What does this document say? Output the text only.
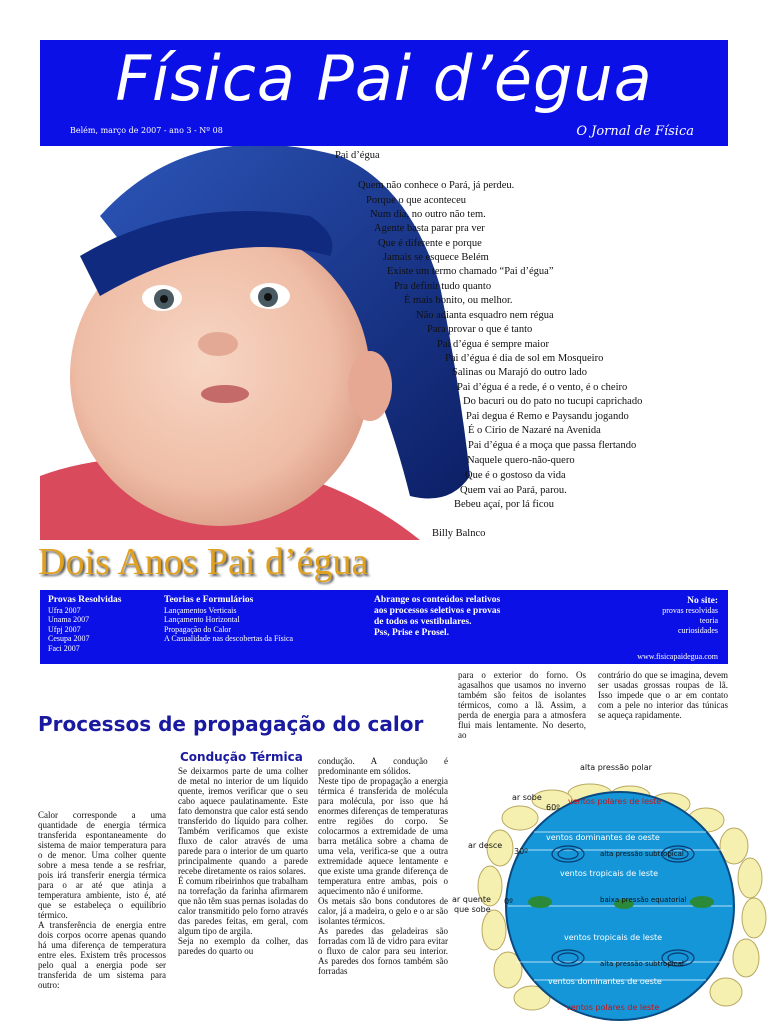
Física Pai d’égua
Belém, março de 2007 - ano 3 - Nº 08	O Jornal de Física
Pai d’égua
Quem não conhece o Pará, já perdeu.
Porque o que aconteceu
Num dia, no outro não tem.
Agente basta parar pra ver
Que é diferente e porque
Jamais se esquece Belém
Existe um termo chamado “Pai d’égua”
Pra definir tudo quanto
É mais bonito, ou melhor.
Não adianta esquadro nem régua
Para provar o que é tanto
Pai d’égua é sempre maior
Pai d’égua é dia de sol em Mosqueiro
Salinas ou Marajó do outro lado
Pai d’égua é a rede, é o vento, é o cheiro
Do bacuri ou do pato no tucupi caprichado
Pai degua é Remo e Paysandu jogando
É o Círio de Nazaré na Avenida
Pai d’égua é a moça que passa flertando
Naquele quero-não-quero
Que é o gostoso da vida
Quem vai ao Pará, parou.
Bebeu açaí, por lá ficou
Billy Balnco
Dois Anos Pai d’égua
Provas Resolvidas
Ufra 2007
Unama 2007
Ufpj 2007
Cesupa 2007
Faci 2007
Teorias e Formulários
Lançamentos Verticais
Lançamento Horizontal
Propagação do Calor
A Casualidade nas descobertas da Física
Abrange os conteúdos relativos
aos processos seletivos e provas
de todos os vestibulares.
Pss, Prise e Prosel.
No site:
provas resolvidas
teoria
curiosidades
www.fisicapaidegua.com
Processos de propagação do calor
Condução Térmica
Calor corresponde a uma quantidade de energia térmica transferida espontaneamente do sistema de maior temperatura para o de menor. Uma colher quente sobre a mesa tende a se resfriar, pois irá transferir energia térmica para o ar até que atinja a temperatura ambiente, isto é, até que se estabeleça o equilíbrio térmico.
A transferência de energia entre dois corpos ocorre apenas quando há uma diferença de temperatura entre eles. Existem três processos pelo qual a energia pode ser transferida de um sistema para outro:
Se deixarmos parte de uma colher de metal no interior de um líquido quente, iremos verificar que o seu cabo aquece paulatinamente. Este fato demonstra que calor está sendo transferido do líquido para colher. Também verificamos que existe fluxo de calor através de uma parede para o interior de um quarto principalmente quando a parede recebe diretamente os raios solares.
É comum ribeirinhos que trabalham na torrefação da farinha afirmarem que não têm suas pernas isoladas do calor transmitido pelo forno através das paredes feitas, em geral, com algum tipo de argila.
Seja no exemplo da colher, das paredes do quarto ou
condução. A condução é predominante em sólidos.
Neste tipo de propagação a energia térmica é transferida de molécula para molécula, por isso que há enormes diferenças de temperaturas entre regiões do corpo. Se colocarmos a extremidade de uma barra metálica sobre a chama de uma vela, verifica-se que a outra extremidade aquece lentamente e que existe uma grande diferença de temperatura entre ambas, pois o aquecimento não é uniforme.
Os metais são bons condutores de calor, já a madeira, o gelo e o ar são isolantes térmicos.
As paredes das geladeiras são forradas com lã de vidro para evitar o fluxo de calor para seu interior. As paredes dos fornos também são forradas
para o exterior do forno. Os agasalhos que usamos no inverno também são feitos de isolantes térmicos, como a lã. Assim, a perda de energia para a atmosfera flui mais lentamente. No deserto, ao
contrário do que se imagina, devem ser usadas grossas roupas de lã. Isso impede que o ar em contato com a pele no interior das túnicas se aqueça rapidamente.
alta pressão polar
ar sobe
ar desce
ar quente
que sobe
60º
30º
0º
ventos polares de leste
ventos dominantes de oeste
alta pressão subtropical
ventos tropicais de leste
baixa pressão equatorial
ventos tropicais de leste
alta pressão subtropical
ventos dominantes de oeste
ventos polares de leste
